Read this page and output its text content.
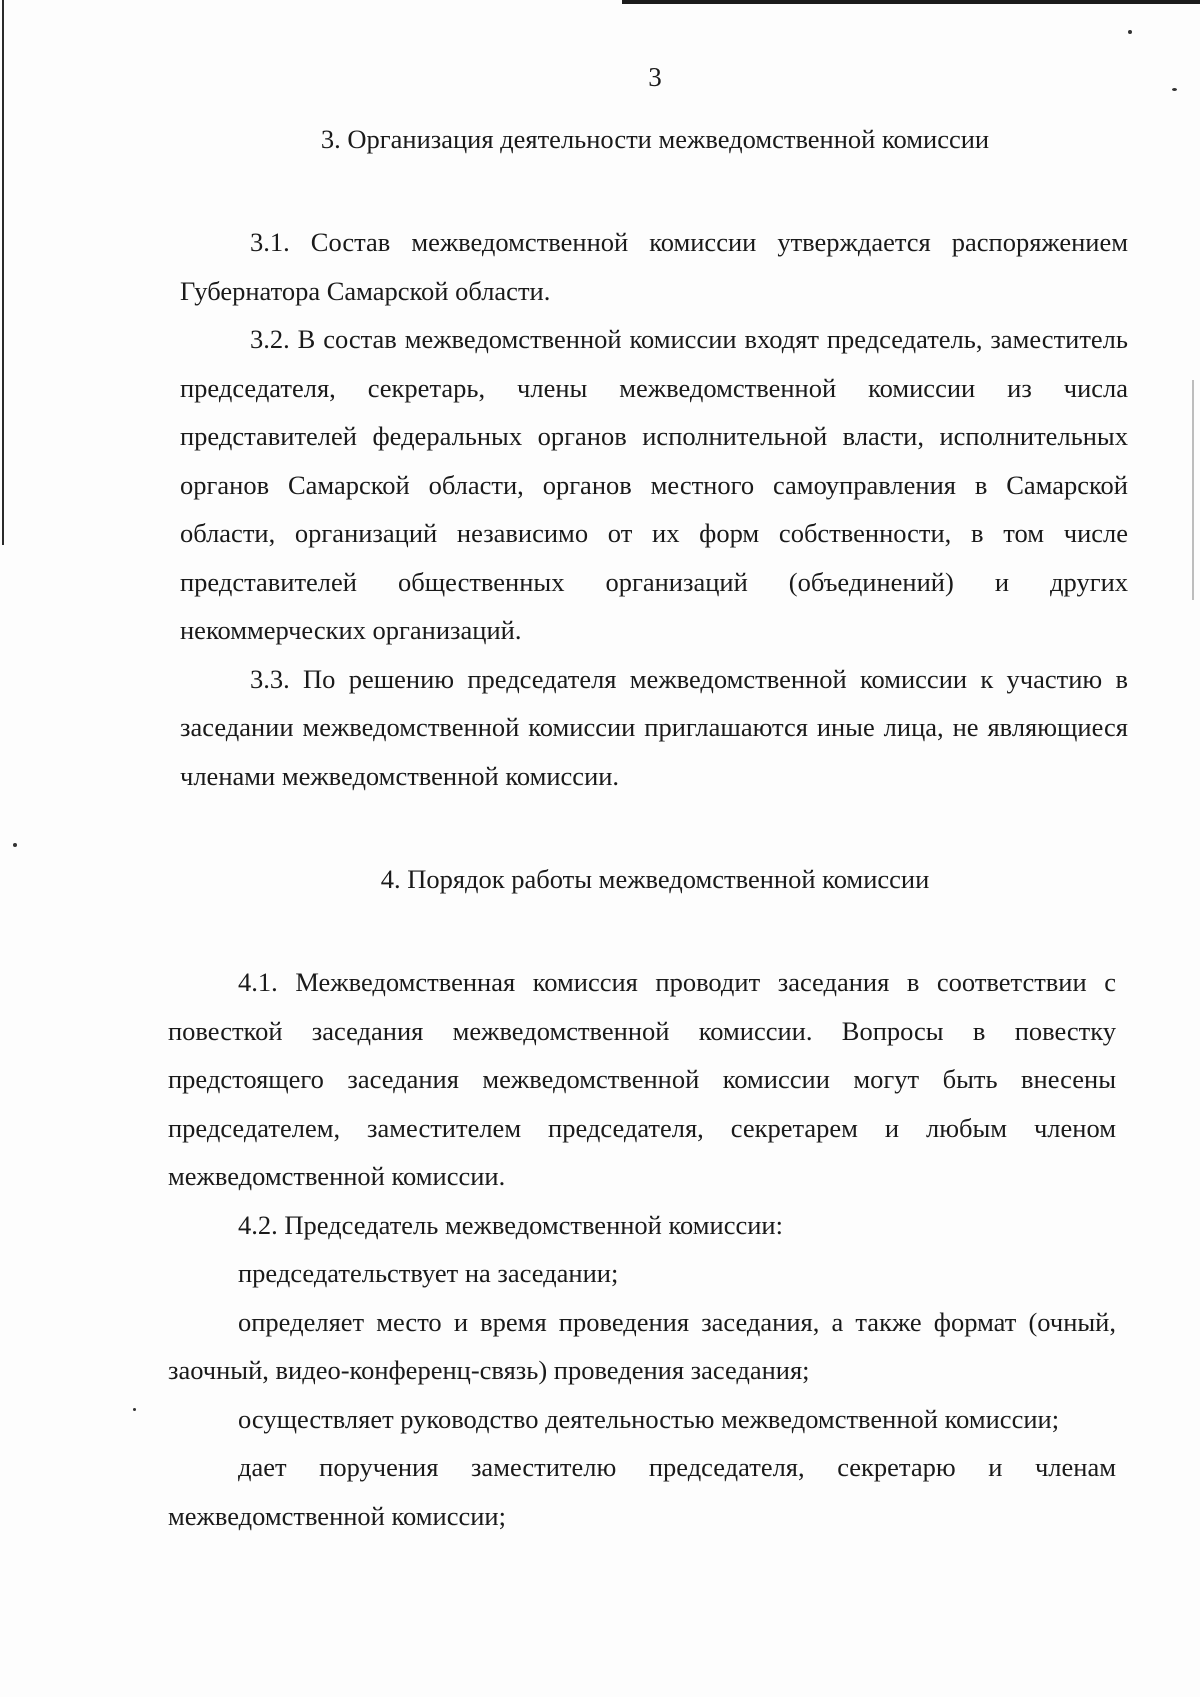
3
3. Организация деятельности межведомственной комиссии

3.1. Состав межведомственной комиссии утверждается распоряжением Губернатора Самарской области.

3.2. В состав межведомственной комиссии входят председатель, заместитель председателя, секретарь, члены межведомственной комиссии из числа представителей федеральных органов исполнительной власти, исполнительных органов Самарской области, органов местного самоуправления в Самарской области, организаций независимо от их форм собственности, в том числе представителей общественных организаций (объединений) и других некоммерческих организаций.

3.3. По решению председателя межведомственной комиссии к участию в заседании межведомственной комиссии приглашаются иные лица, не являющиеся членами межведомственной комиссии.

4. Порядок работы межведомственной комиссии

4.1. Межведомственная комиссия проводит заседания в соответствии с повесткой заседания межведомственной комиссии. Вопросы в повестку предстоящего заседания межведомственной комиссии могут быть внесены председателем, заместителем председателя, секретарем и любым членом межведомственной комиссии.

4.2. Председатель межведомственной комиссии:

председательствует на заседании;

определяет место и время проведения заседания, а также формат (очный, заочный, видео-конференц-связь) проведения заседания;

осуществляет руководство деятельностью межведомственной комиссии;

дает поручения заместителю председателя, секретарю и членам межведомственной комиссии;
